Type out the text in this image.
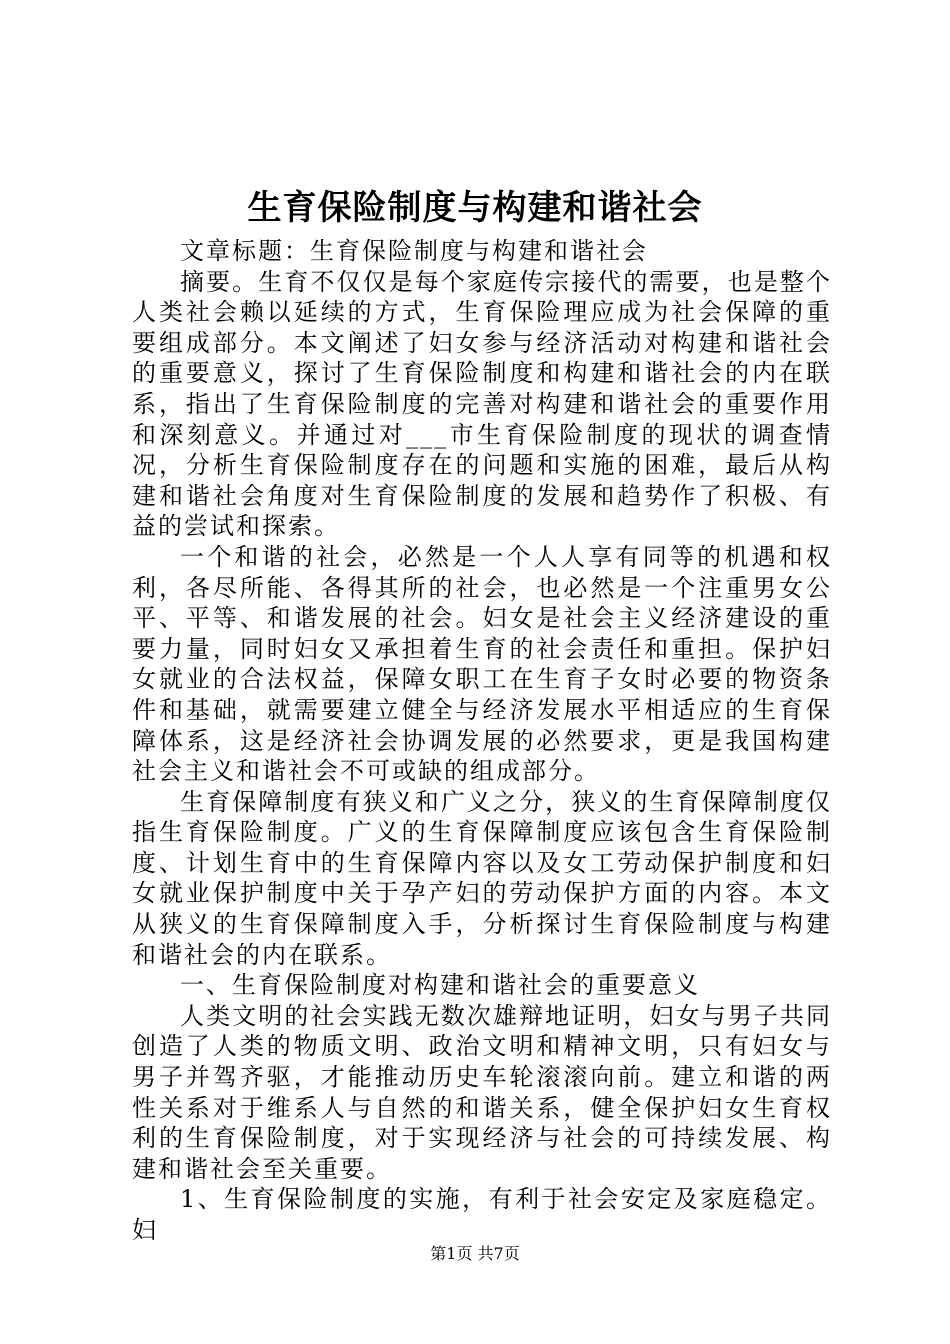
生育保险制度与构建和谐社会

文章标题：生育保险制度与构建和谐社会

摘要。生育不仅仅是每个家庭传宗接代的需要，也是整个人类社会赖以延续的方式，生育保险理应成为社会保障的重要组成部分。本文阐述了妇女参与经济活动对构建和谐社会的重要意义，探讨了生育保险制度和构建和谐社会的内在联系，指出了生育保险制度的完善对构建和谐社会的重要作用和深刻意义。并通过对___市生育保险制度的现状的调查情况，分析生育保险制度存在的问题和实施的困难，最后从构建和谐社会角度对生育保险制度的发展和趋势作了积极、有益的尝试和探索。

一个和谐的社会，必然是一个人人享有同等的机遇和权利，各尽所能、各得其所的社会，也必然是一个注重男女公平、平等、和谐发展的社会。妇女是社会主义经济建设的重要力量，同时妇女又承担着生育的社会责任和重担。保护妇女就业的合法权益，保障女职工在生育子女时必要的物资条件和基础，就需要建立健全与经济发展水平相适应的生育保障体系，这是经济社会协调发展的必然要求，更是我国构建社会主义和谐社会不可或缺的组成部分。

生育保障制度有狭义和广义之分，狭义的生育保障制度仅指生育保险制度。广义的生育保障制度应该包含生育保险制度、计划生育中的生育保障内容以及女工劳动保护制度和妇女就业保护制度中关于孕产妇的劳动保护方面的内容。本文从狭义的生育保障制度入手，分析探讨生育保险制度与构建和谐社会的内在联系。

一、生育保险制度对构建和谐社会的重要意义

人类文明的社会实践无数次雄辩地证明，妇女与男子共同创造了人类的物质文明、政治文明和精神文明，只有妇女与男子并驾齐驱，才能推动历史车轮滚滚向前。建立和谐的两性关系对于维系人与自然的和谐关系，健全保护妇女生育权利的生育保险制度，对于实现经济与社会的可持续发展、构建和谐社会至关重要。

1、生育保险制度的实施，有利于社会安定及家庭稳定。妇

第1页 共7页
